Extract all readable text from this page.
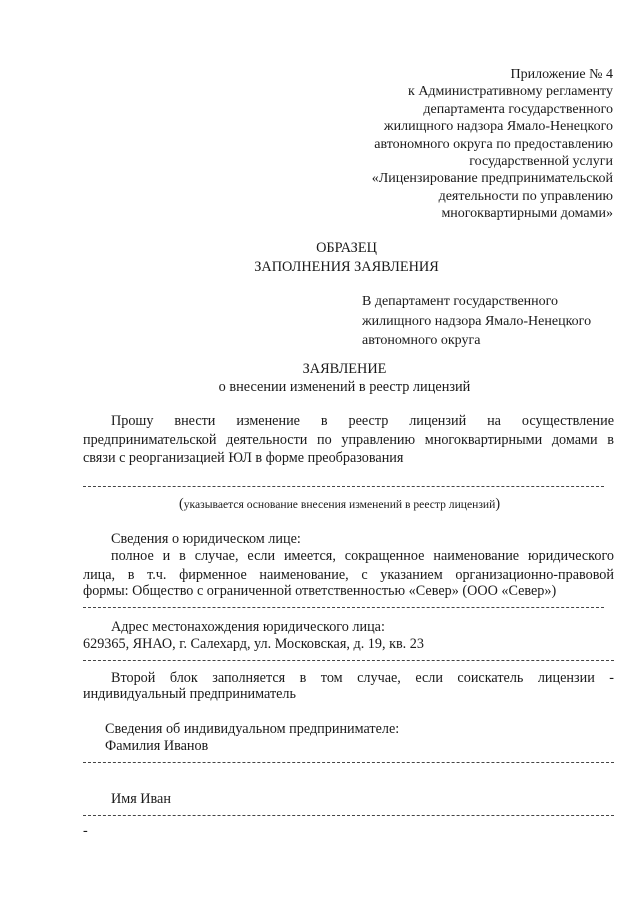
Приложение № 4
к Административному регламенту
департамента государственного
жилищного надзора Ямало-Ненецкого
автономного округа по предоставлению
государственной услуги
«Лицензирование предпринимательской
деятельности по управлению
многоквартирными домами»
ОБРАЗЕЦ
ЗАПОЛНЕНИЯ ЗАЯВЛЕНИЯ
В департамент государственного
жилищного надзора Ямало-Ненецкого
автономного округа
ЗАЯВЛЕНИЕ
о внесении изменений в реестр лицензий
Прошу внести изменение в реестр лицензий на осуществление
предпринимательской деятельности по управлению многоквартирными домами в
связи с реорганизацией ЮЛ в форме преобразования
(указывается основание внесения изменений в реестр лицензий)
Сведения о юридическом лице:
полное и в случае, если имеется, сокращенное наименование юридического
лица, в т.ч. фирменное наименование, с указанием организационно-правовой
формы: Общество с ограниченной ответственностью «Север» (ООО «Север»)
Адрес местонахождения юридического лица:
629365, ЯНАО, г. Салехард, ул. Московская, д. 19, кв. 23
Второй блок заполняется в том случае, если соискатель лицензии -
индивидуальный предприниматель
Сведения об индивидуальном предпринимателе:
Фамилия Иванов
Имя Иван
-
